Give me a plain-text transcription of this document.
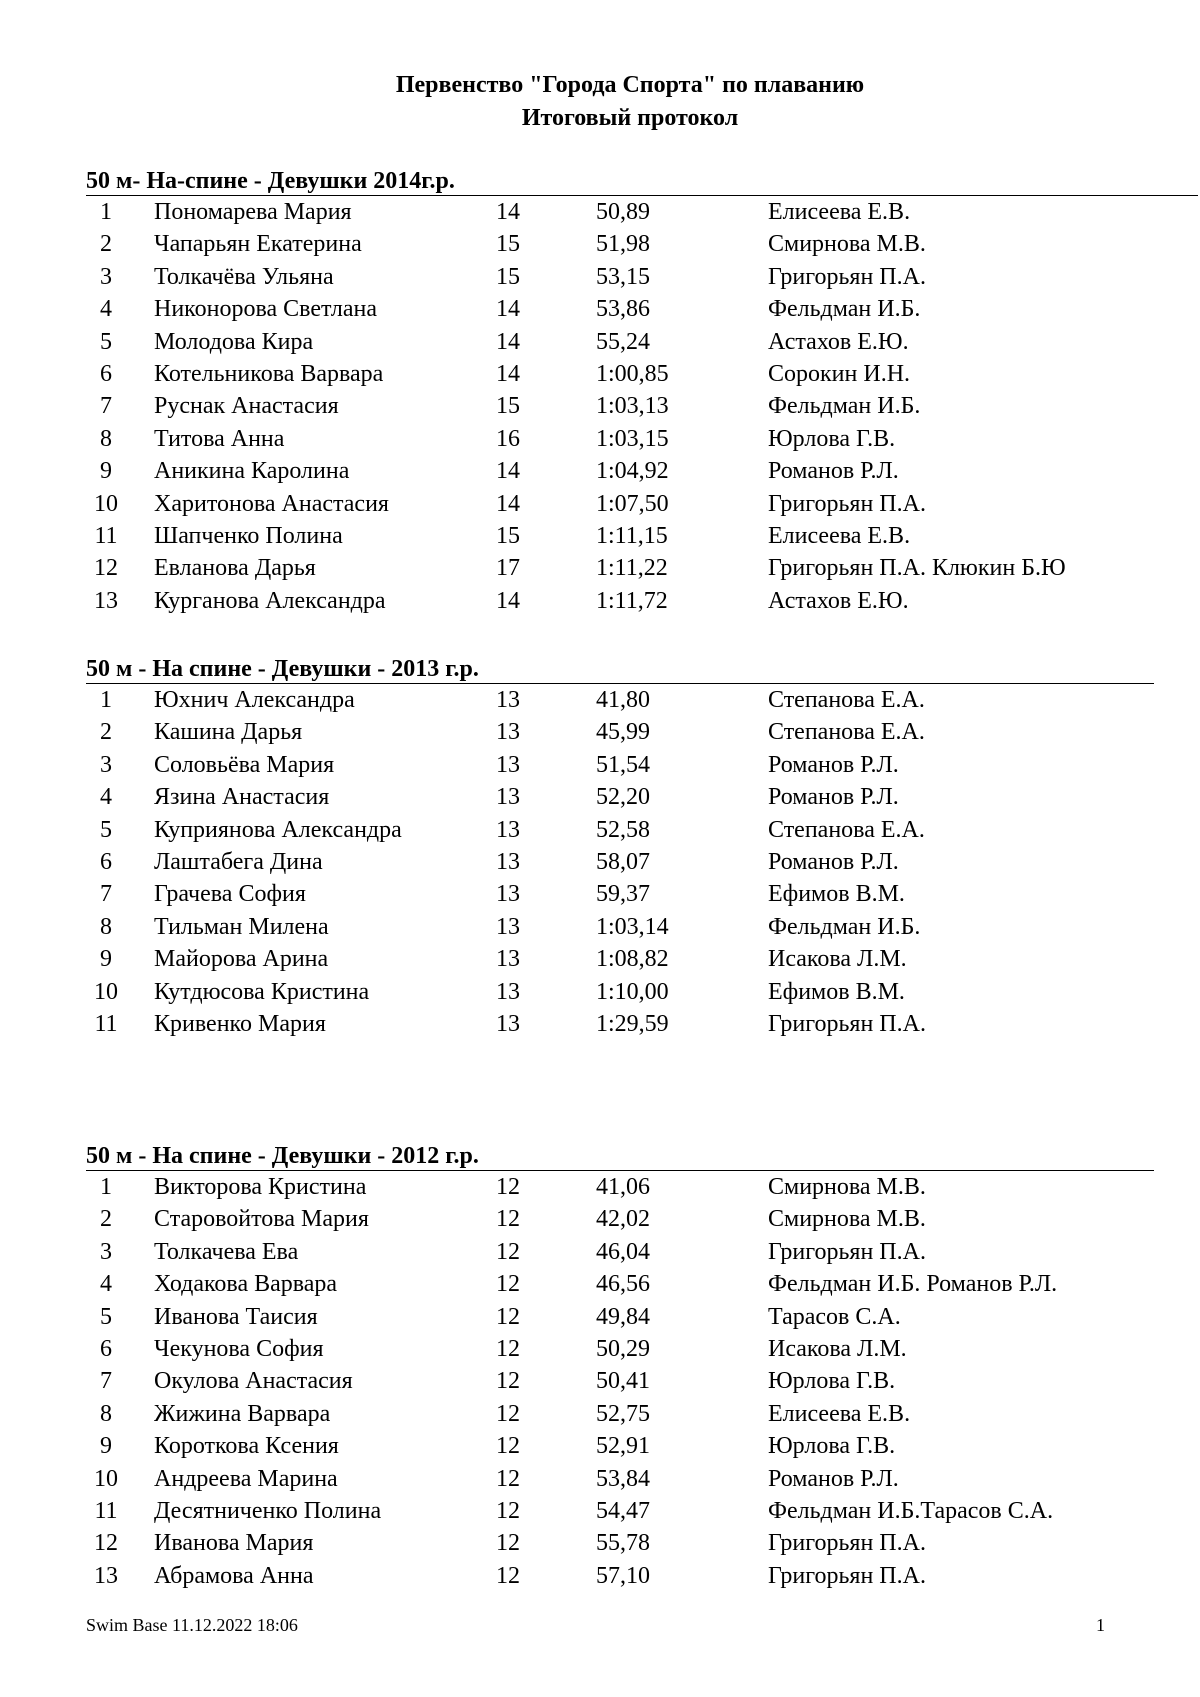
Первенство "Города Спорта" по плаванию
Итоговый протокол
50 м- На-спине - Девушки 2014г.р.
1	Пономарева Мария	14	50,89	Елисеева Е.В.
2	Чапарьян Екатерина	15	51,98	Смирнова М.В.
3	Толкачёва Ульяна	15	53,15	Григорьян П.А.
4	Никонорова Светлана	14	53,86	Фельдман И.Б.
5	Молодова Кира	14	55,24	Астахов Е.Ю.
6	Котельникова Варвара	14	1:00,85	Сорокин И.Н.
7	Руснак Анастасия	15	1:03,13	Фельдман И.Б.
8	Титова Анна	16	1:03,15	Юрлова Г.В.
9	Аникина Каролина	14	1:04,92	Романов Р.Л.
10	Харитонова Анастасия	14	1:07,50	Григорьян П.А.
11	Шапченко Полина	15	1:11,15	Елисеева Е.В.
12	Евланова Дарья	17	1:11,22	Григорьян П.А. Клюкин Б.Ю
13	Курганова Александра	14	1:11,72	Астахов Е.Ю.
50 м - На спине - Девушки - 2013 г.р.
1	Юхнич Александра	13	41,80	Степанова Е.А.
2	Кашина Дарья	13	45,99	Степанова Е.А.
3	Соловьёва Мария	13	51,54	Романов Р.Л.
4	Язина Анастасия	13	52,20	Романов Р.Л.
5	Куприянова Александра	13	52,58	Степанова Е.А.
6	Лаштабега Дина	13	58,07	Романов Р.Л.
7	Грачева София	13	59,37	Ефимов В.М.
8	Тильман Милена	13	1:03,14	Фельдман И.Б.
9	Майорова Арина	13	1:08,82	Исакова Л.М.
10	Кутдюсова Кристина	13	1:10,00	Ефимов В.М.
11	Кривенко Мария	13	1:29,59	Григорьян П.А.
50 м - На спине - Девушки - 2012 г.р.
1	Викторова Кристина	12	41,06	Смирнова М.В.
2	Старовойтова Мария	12	42,02	Смирнова М.В.
3	Толкачева Ева	12	46,04	Григорьян П.А.
4	Ходакова Варвара	12	46,56	Фельдман И.Б. Романов Р.Л.
5	Иванова Таисия	12	49,84	Тарасов С.А.
6	Чекунова София	12	50,29	Исакова Л.М.
7	Окулова Анастасия	12	50,41	Юрлова Г.В.
8	Жижина Варвара	12	52,75	Елисеева Е.В.
9	Короткова Ксения	12	52,91	Юрлова Г.В.
10	Андреева Марина	12	53,84	Романов Р.Л.
11	Десятниченко Полина	12	54,47	Фельдман И.Б.Тарасов С.А.
12	Иванова Мария	12	55,78	Григорьян П.А.
13	Абрамова Анна	12	57,10	Григорьян П.А.
Swim Base 11.12.2022 18:06	1
